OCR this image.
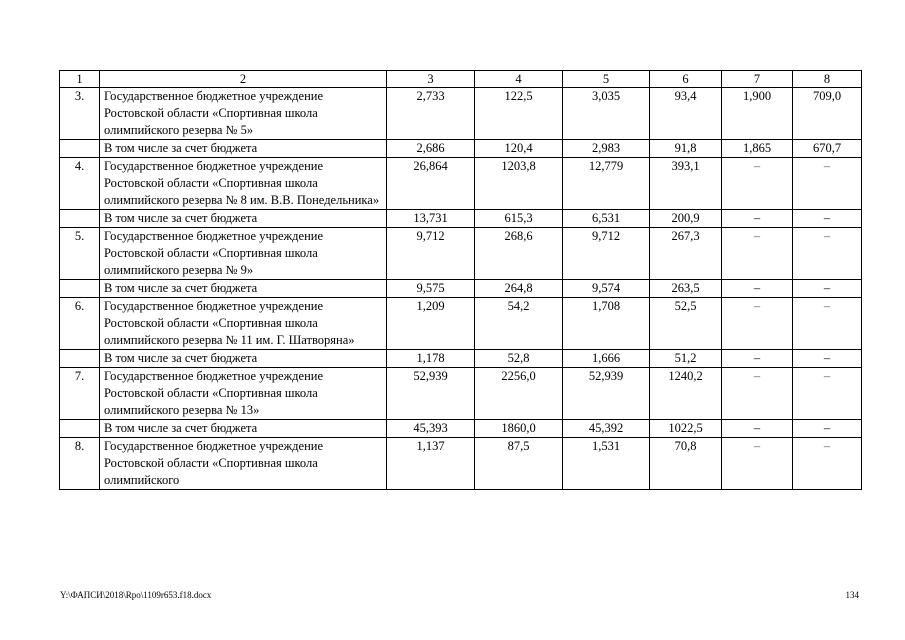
1	2	3	4	5	6	7	8
3.	Государственное бюджетное учреждение Ростовской области «Спортивная школа олимпийского резерва № 5»	2,733	122,5	3,035	93,4	1,900	709,0
	В том числе за счет бюджета	2,686	120,4	2,983	91,8	1,865	670,7
4.	Государственное бюджетное учреждение Ростовской области «Спортивная школа олимпийского резерва № 8 им. В.В. Понедельника»	26,864	1203,8	12,779	393,1	–	–
	В том числе за счет бюджета	13,731	615,3	6,531	200,9	–	–
5.	Государственное бюджетное учреждение Ростовской области «Спортивная школа олимпийского резерва № 9»	9,712	268,6	9,712	267,3	–	–
	В том числе за счет бюджета	9,575	264,8	9,574	263,5	–	–
6.	Государственное бюджетное учреждение Ростовской области «Спортивная школа олимпийского резерва № 11 им. Г. Шатворяна»	1,209	54,2	1,708	52,5	–	–
	В том числе за счет бюджета	1,178	52,8	1,666	51,2	–	–
7.	Государственное бюджетное учреждение Ростовской области «Спортивная школа олимпийского резерва № 13»	52,939	2256,0	52,939	1240,2	–	–
	В том числе за счет бюджета	45,393	1860,0	45,392	1022,5	–	–
8.	Государственное бюджетное учреждение Ростовской области «Спортивная школа олимпийского	1,137	87,5	1,531	70,8	–	–
Y:\ФАПСИ\2018\Rpo\1109r653.f18.docx	134
